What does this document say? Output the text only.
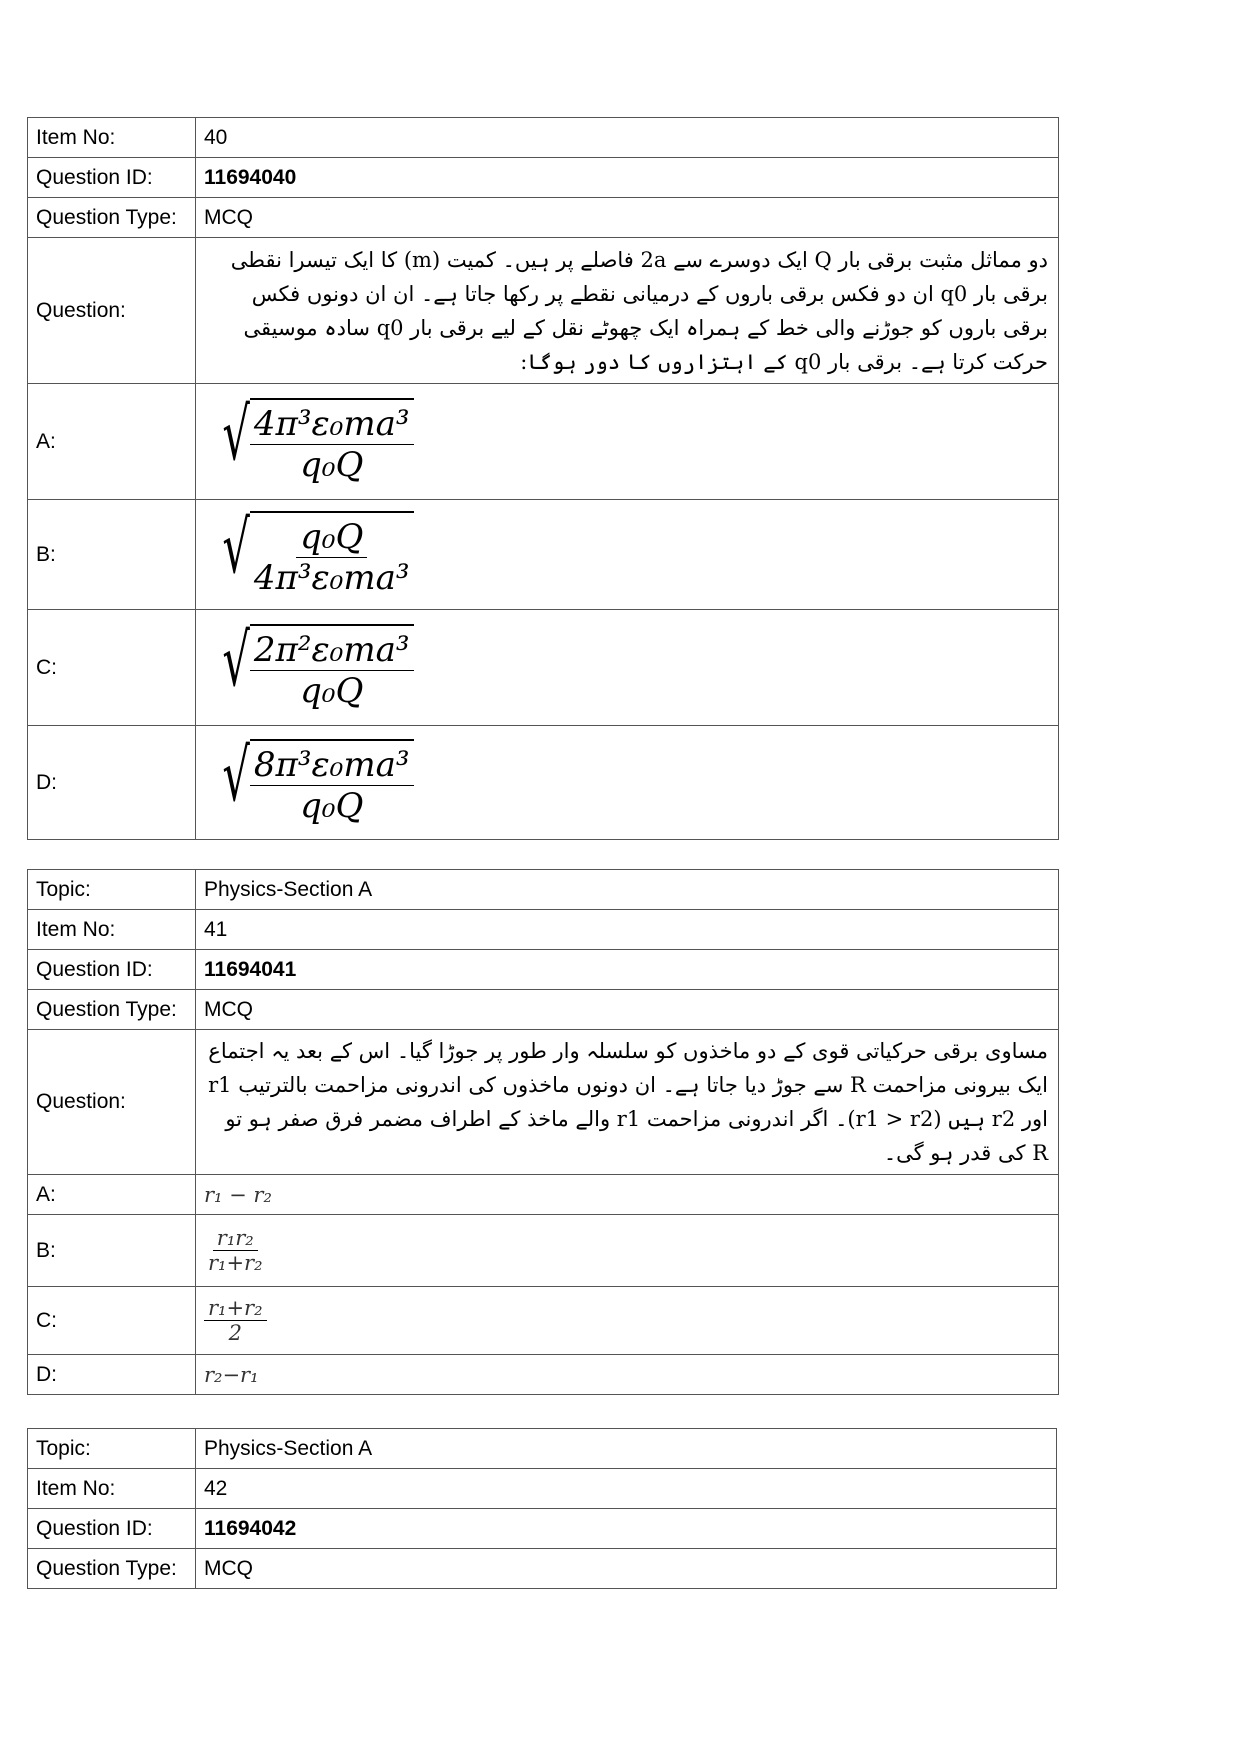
Item No:	40
Question ID:	11694040
Question Type:	MCQ
Question:	دو مماثل مثبت برقی بار Q ایک دوسرے سے 2a فاصلے پر ہیں۔ کمیت (m) کا ایک تیسرا نقطی برقی بار q0 ان دو فکس برقی باروں کے درمیانی نقطے پر رکھا جاتا ہے۔ ان ان دونوں فکس برقی باروں کو جوڑنے والی خط کے ہمراہ ایک چھوٹے نقل کے لیے برقی بار q0 سادہ موسیقی حرکت کرتا ہے۔ برقی بار q0 کے اہتزاروں کا دور ہوگا:
A:	√ $\frac{\text{4π³ε₀ma³}}{\text{q₀Q}}$

B:	√ $\frac{\text{q₀Q}}{\text{4π³ε₀ma³}}$

C:	√ $\frac{\text{2π²ε₀ma³}}{\text{q₀Q}}$

D:	√ $\frac{\text{8π³ε₀ma³}}{\text{q₀Q}}$
Topic:	Physics-Section A
Item No:	41
Question ID:	11694041
Question Type:	MCQ
Question:	مساوی برقی حرکیاتی قوی کے دو ماخذوں کو سلسلہ وار طور پر جوڑا گیا۔ اس کے بعد یہ اجتماع ایک بیرونی مزاحمت R سے جوڑ دیا جاتا ہے۔ ان دونوں ماخذوں کی اندرونی مزاحمت بالترتیب r1 اور r2 ہیں (r1 > r2)۔ اگر اندرونی مزاحمت r1 والے ماخذ کے اطراف مضمر فرق صفر ہو تو R کی قدر ہو گی۔
A:	r₁ − r₂
B:	$\frac{\text{r₁r₂}}{\text{r₁+r₂}}$

C:	$\frac{\text{r₁+r₂}}{2}$

D:	r₂−r₁
Topic:	Physics-Section A
Item No:	42
Question ID:	11694042
Question Type:	MCQ
